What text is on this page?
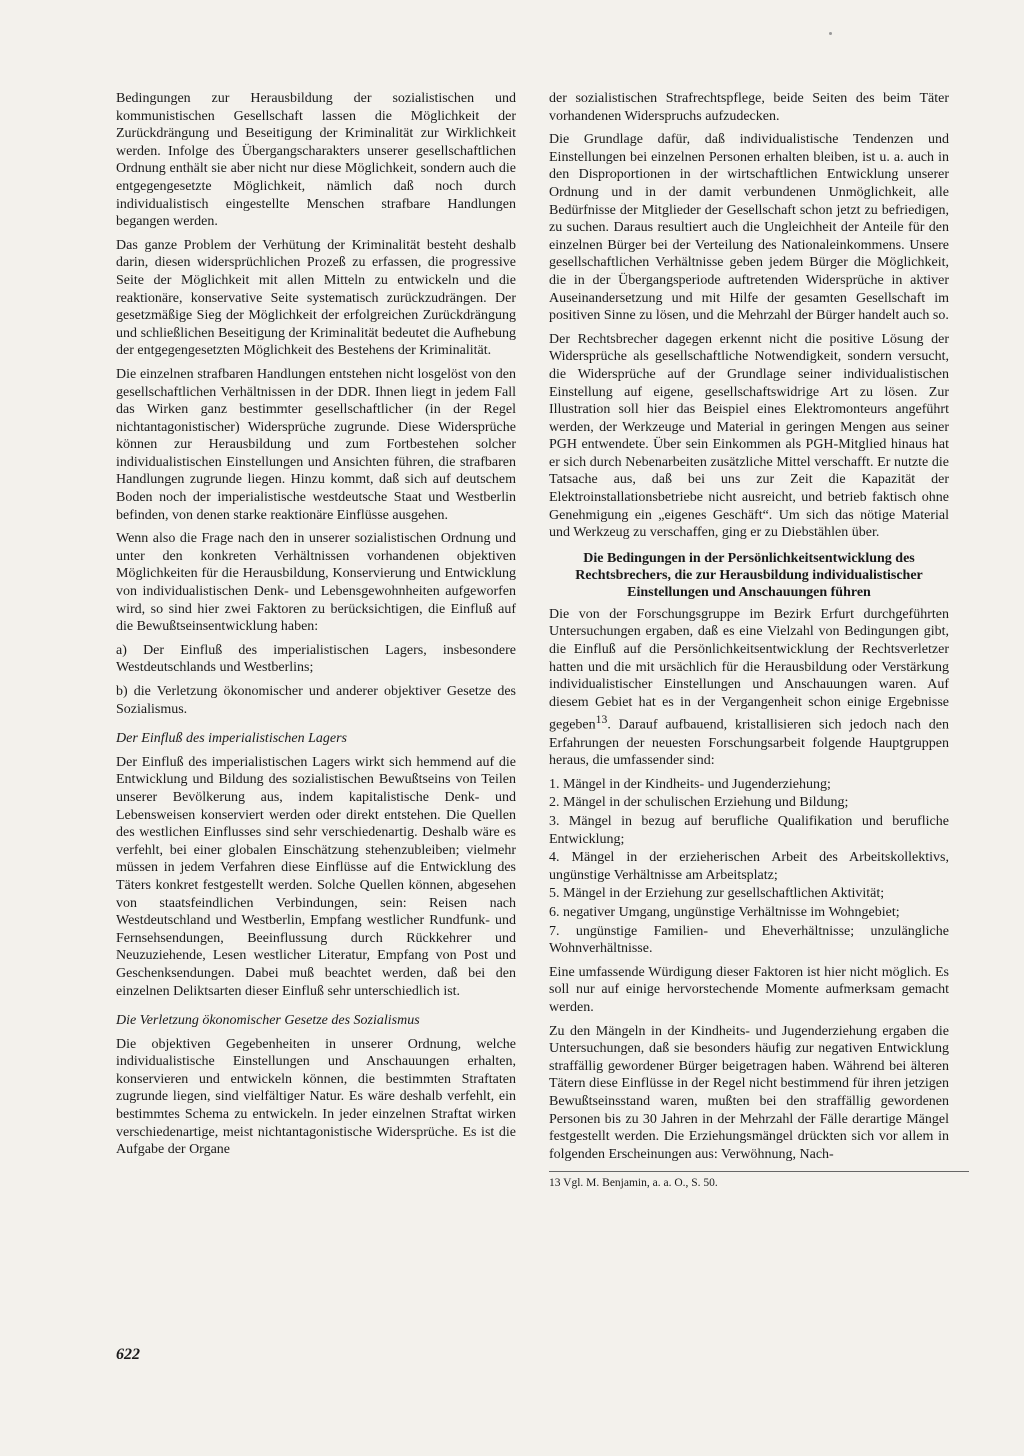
Bedingungen zur Herausbildung der sozialistischen und kommunistischen Gesellschaft lassen die Möglichkeit der Zurückdrängung und Beseitigung der Kriminalität zur Wirklichkeit werden. Infolge des Übergangscharakters unserer gesellschaftlichen Ordnung enthält sie aber nicht nur diese Möglichkeit, sondern auch die entgegengesetzte Möglichkeit, nämlich daß noch durch individualistisch eingestellte Menschen strafbare Handlungen begangen werden.

Das ganze Problem der Verhütung der Kriminalität besteht deshalb darin, diesen widersprüchlichen Prozeß zu erfassen, die progressive Seite der Möglichkeit mit allen Mitteln zu entwickeln und die reaktionäre, konservative Seite systematisch zurückzudrängen. Der gesetzmäßige Sieg der Möglichkeit der erfolgreichen Zurückdrängung und schließlichen Beseitigung der Kriminalität bedeutet die Aufhebung der entgegengesetzten Möglichkeit des Bestehens der Kriminalität.

Die einzelnen strafbaren Handlungen entstehen nicht losgelöst von den gesellschaftlichen Verhältnissen in der DDR. Ihnen liegt in jedem Fall das Wirken ganz bestimmter gesellschaftlicher (in der Regel nichtantagonistischer) Widersprüche zugrunde. Diese Widersprüche können zur Herausbildung und zum Fortbestehen solcher individualistischen Einstellungen und Ansichten führen, die strafbaren Handlungen zugrunde liegen. Hinzu kommt, daß sich auf deutschem Boden noch der imperialistische westdeutsche Staat und Westberlin befinden, von denen starke reaktionäre Einflüsse ausgehen.

Wenn also die Frage nach den in unserer sozialistischen Ordnung und unter den konkreten Verhältnissen vorhandenen objektiven Möglichkeiten für die Herausbildung, Konservierung und Entwicklung von individualistischen Denk- und Lebensgewohnheiten aufgeworfen wird, so sind hier zwei Faktoren zu berücksichtigen, die Einfluß auf die Bewußtseinsentwicklung haben:

a) Der Einfluß des imperialistischen Lagers, insbesondere Westdeutschlands und Westberlins;

b) die Verletzung ökonomischer und anderer objektiver Gesetze des Sozialismus.

Der Einfluß des imperialistischen Lagers

Der Einfluß des imperialistischen Lagers wirkt sich hemmend auf die Entwicklung und Bildung des sozialistischen Bewußtseins von Teilen unserer Bevölkerung aus, indem kapitalistische Denk- und Lebensweisen konserviert werden oder direkt entstehen. Die Quellen des westlichen Einflusses sind sehr verschiedenartig. Deshalb wäre es verfehlt, bei einer globalen Einschätzung stehenzubleiben; vielmehr müssen in jedem Verfahren diese Einflüsse auf die Entwicklung des Täters konkret festgestellt werden. Solche Quellen können, abgesehen von staatsfeindlichen Verbindungen, sein: Reisen nach Westdeutschland und Westberlin, Empfang westlicher Rundfunk- und Fernsehsendungen, Beeinflussung durch Rückkehrer und Neuzuziehende, Lesen westlicher Literatur, Empfang von Post und Geschenksendungen. Dabei muß beachtet werden, daß bei den einzelnen Deliktsarten dieser Einfluß sehr unterschiedlich ist.

Die Verletzung ökonomischer Gesetze des Sozialismus

Die objektiven Gegebenheiten in unserer Ordnung, welche individualistische Einstellungen und Anschauungen erhalten, konservieren und entwickeln können, die bestimmten Straftaten zugrunde liegen, sind vielfältiger Natur. Es wäre deshalb verfehlt, ein bestimmtes Schema zu entwickeln. In jeder einzelnen Straftat wirken verschiedenartige, meist nichtantagonistische Widersprüche. Es ist die Aufgabe der Organe

der sozialistischen Strafrechtspflege, beide Seiten des beim Täter vorhandenen Widerspruchs aufzudecken.

Die Grundlage dafür, daß individualistische Tendenzen und Einstellungen bei einzelnen Personen erhalten bleiben, ist u. a. auch in den Disproportionen in der wirtschaftlichen Entwicklung unserer Ordnung und in der damit verbundenen Unmöglichkeit, alle Bedürfnisse der Mitglieder der Gesellschaft schon jetzt zu befriedigen, zu suchen. Daraus resultiert auch die Ungleichheit der Anteile für den einzelnen Bürger bei der Verteilung des Nationaleinkommens. Unsere gesellschaftlichen Verhältnisse geben jedem Bürger die Möglichkeit, die in der Übergangsperiode auftretenden Widersprüche in aktiver Auseinandersetzung und mit Hilfe der gesamten Gesellschaft im positiven Sinne zu lösen, und die Mehrzahl der Bürger handelt auch so.

Der Rechtsbrecher dagegen erkennt nicht die positive Lösung der Widersprüche als gesellschaftliche Notwendigkeit, sondern versucht, die Widersprüche auf der Grundlage seiner individualistischen Einstellung auf eigene, gesellschaftswidrige Art zu lösen. Zur Illustration soll hier das Beispiel eines Elektromonteurs angeführt werden, der Werkzeuge und Material in geringen Mengen aus seiner PGH entwendete. Über sein Einkommen als PGH-Mitglied hinaus hat er sich durch Nebenarbeiten zusätzliche Mittel verschafft. Er nutzte die Tatsache aus, daß bei uns zur Zeit die Kapazität der Elektroinstallationsbetriebe nicht ausreicht, und betrieb faktisch ohne Genehmigung ein „eigenes Geschäft“. Um sich das nötige Material und Werkzeug zu verschaffen, ging er zu Diebstählen über.

Die Bedingungen in der Persönlichkeitsentwicklung des Rechtsbrechers, die zur Herausbildung individualistischer Einstellungen und Anschauungen führen

Die von der Forschungsgruppe im Bezirk Erfurt durchgeführten Untersuchungen ergaben, daß es eine Vielzahl von Bedingungen gibt, die Einfluß auf die Persönlichkeitsentwicklung der Rechtsverletzer hatten und die mit ursächlich für die Herausbildung oder Verstärkung individualistischer Einstellungen und Anschauungen waren. Auf diesem Gebiet hat es in der Vergangenheit schon einige Ergebnisse gegeben$^{13}$. Darauf aufbauend, kristallisieren sich jedoch nach den Erfahrungen der neuesten Forschungsarbeit folgende Hauptgruppen heraus, die umfassender sind:

1. Mängel in der Kindheits- und Jugenderziehung;

2. Mängel in der schulischen Erziehung und Bildung;

3. Mängel in bezug auf berufliche Qualifikation und berufliche Entwicklung;

4. Mängel in der erzieherischen Arbeit des Arbeitskollektivs, ungünstige Verhältnisse am Arbeitsplatz;

5. Mängel in der Erziehung zur gesellschaftlichen Aktivität;

6. negativer Umgang, ungünstige Verhältnisse im Wohngebiet;

7. ungünstige Familien- und Eheverhältnisse; unzulängliche Wohnverhältnisse.

Eine umfassende Würdigung dieser Faktoren ist hier nicht möglich. Es soll nur auf einige hervorstechende Momente aufmerksam gemacht werden.

Zu den Mängeln in der Kindheits- und Jugenderziehung ergaben die Untersuchungen, daß sie besonders häufig zur negativen Entwicklung straffällig gewordener Bürger beigetragen haben. Während bei älteren Tätern diese Einflüsse in der Regel nicht bestimmend für ihren jetzigen Bewußtseinsstand waren, mußten bei den straffällig gewordenen Personen bis zu 30 Jahren in der Mehrzahl der Fälle derartige Mängel festgestellt werden. Die Erziehungsmängel drückten sich vor allem in folgenden Erscheinungen aus: Verwöhnung, Nach-

13 Vgl. M. Benjamin, a. a. O., S. 50.

622
